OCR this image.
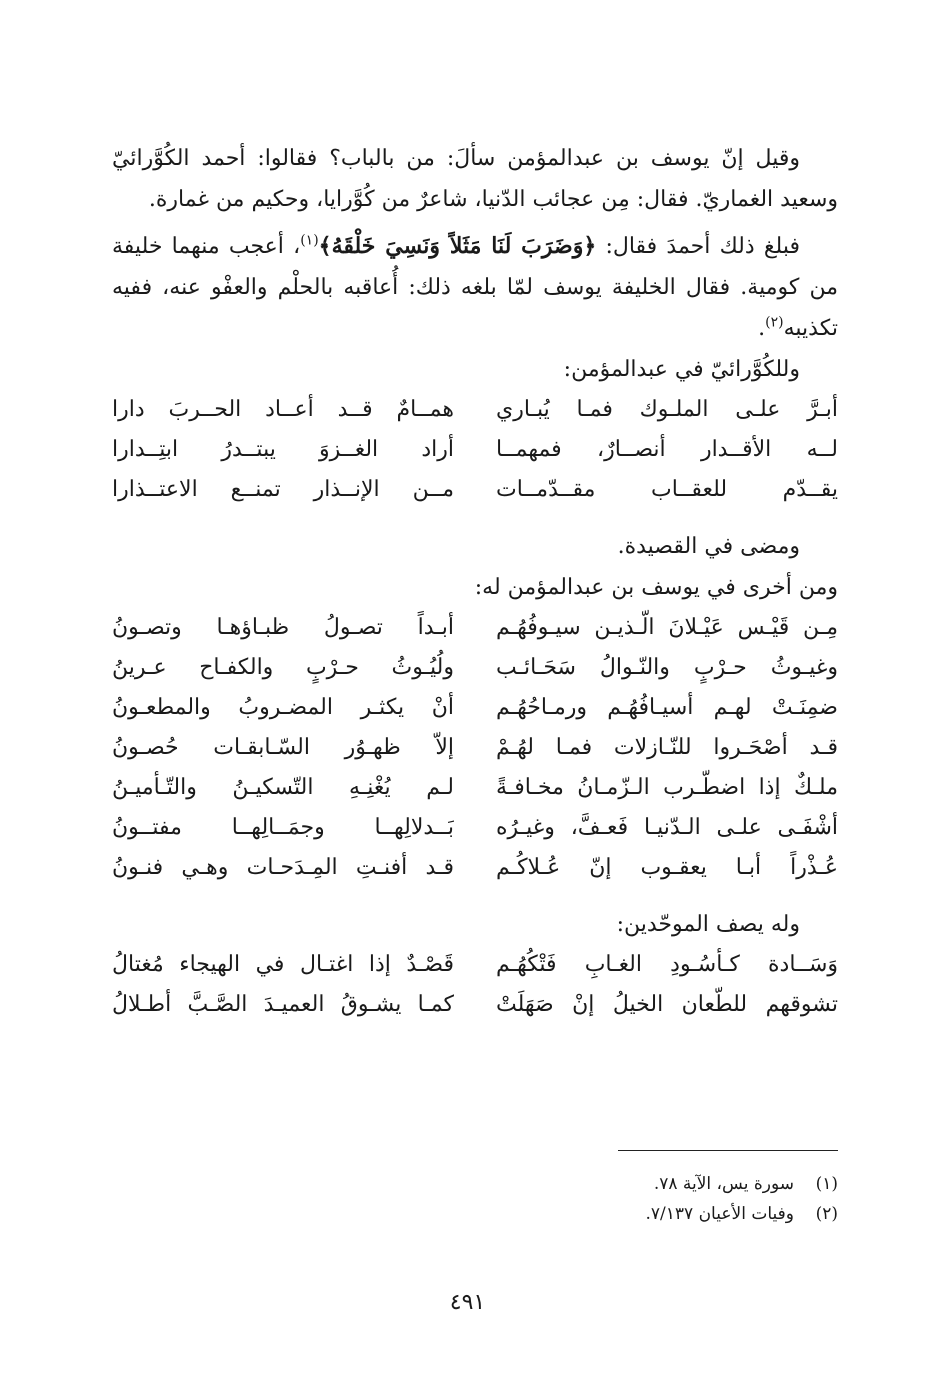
وقيل إنّ يوسف بن عبدالمؤمن سألَ: من بالباب؟ فقالوا: أحمد الكُوَّرائيّ وسعيد الغماريّ. فقال: مِن عجائب الدّنيا، شاعرٌ من كُوَّرايا، وحكيم من غمارة.

فبلغ ذلك أحمدَ فقال: ﴿وَضَرَبَ لَنَا مَثَلاً وَنَسِيَ خَلْقَهُ﴾$^{(١)}$، أعجب منهما خليفة من كومية. فقال الخليفة يوسف لمّا بلغه ذلك: أُعاقبه بالحلْم والعفْو عنه، ففيه تكذيبه$^{(٢)}$.

وللكُوَّرائيّ في عبدالمؤمن:

أبـرَّ علـى الملـوك فمـا يُبـاري
همــامٌ قــد أعــاد الحــربَ دارا
لــه الأقــدار أنصــارٌ، فمهمــا
أراد الغــزوَ يبتــدرُ ابتِــدارا
يقــدّم للعقــاب مقــدّمــات
مــن الإنــذار تمنــع الاعتــذارا

ومضى في القصيدة.

ومن أخرى في يوسف بن عبدالمؤمن له:

مِـن قَيْـس عَيْـلانَ الّـذيـن سيـوفُهُـم
أبـداً تصـولُ ظبـاؤهـا وتصـونُ
وغيـوثُ حـرْبٍ والنّـوالُ سَحَـائـب
ولُيُـوثُ حـرْبٍ والكفـاح عـرينُ
ضمِنَـتْ لهـم أسيـافُهُـم ورمـاحُهُـم
أنْ يكثـر المضـروبُ والمطعـونُ
قـد أصْحَـروا للنّـازلات فمـا لهُـمْ
إلاّ ظهـوُر السّـابقـات حُصـونُ
ملـكٌ إذا اضطّـرب الـزّمـانُ مخـافـةً
لـم يُغْنِـهِ التّسكيـنُ والتّـأميـنُ
أشْفَـى علـى الـدّنيـا فَعـفَّ، وغيـرُه
بَــدلالِهــا وجمَــالِهــا مفتــونُ
عُـذْراً أبـا يعقـوب إنّ عُـلاكُـم
قـد أفنـتِ المِـدَحـات وهـي فنـونُ

وله يصف الموحّدين:

وَسَــادة كـأسُـودِ الغـابِ فَتْكُهُـم
قَصْـدٌ إذا اغتـال في الهيجاء مُغتالُ
تشوقهم للطّعان الخيلُ إنْ صَهَلَتْ
كمـا يشـوقُ العميـدَ الصَّـبَّ أطـلالُ
(١)
سورة يس، الآية ٧٨.
(٢)
وفيات الأعيان ٧/١٣٧.
٤٩١
